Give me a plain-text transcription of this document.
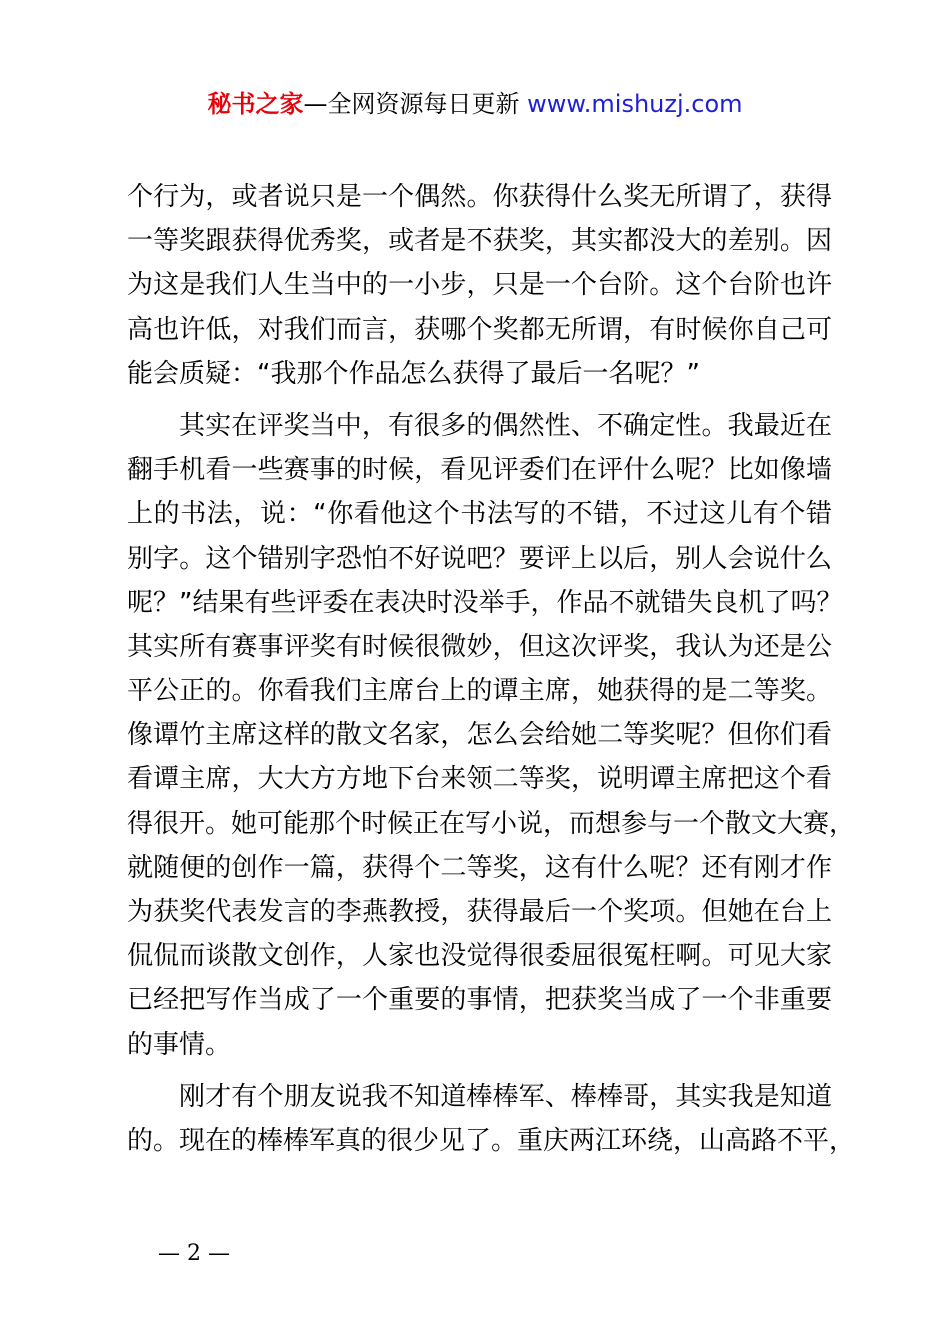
秘书之家—全网资源每日更新 www.mishuzj.com
个行为，或者说只是一个偶然。你获得什么奖无所谓了，获得
一等奖跟获得优秀奖，或者是不获奖，其实都没大的差别。因
为这是我们人生当中的一小步，只是一个台阶。这个台阶也许
高也许低，对我们而言，获哪个奖都无所谓，有时候你自己可
能会质疑：“我那个作品怎么获得了最后一名呢？”
其实在评奖当中，有很多的偶然性、不确定性。我最近在
翻手机看一些赛事的时候，看见评委们在评什么呢？比如像墙
上的书法，说：“你看他这个书法写的不错，不过这儿有个错
别字。这个错别字恐怕不好说吧？要评上以后，别人会说什么
呢？”结果有些评委在表决时没举手，作品不就错失良机了吗？
其实所有赛事评奖有时候很微妙，但这次评奖，我认为还是公
平公正的。你看我们主席台上的谭主席，她获得的是二等奖。
像谭竹主席这样的散文名家，怎么会给她二等奖呢？但你们看
看谭主席，大大方方地下台来领二等奖，说明谭主席把这个看
得很开。她可能那个时候正在写小说，而想参与一个散文大赛，
就随便的创作一篇，获得个二等奖，这有什么呢？还有刚才作
为获奖代表发言的李燕教授，获得最后一个奖项。但她在台上
侃侃而谈散文创作，人家也没觉得很委屈很冤枉啊。可见大家
已经把写作当成了一个重要的事情，把获奖当成了一个非重要
的事情。
刚才有个朋友说我不知道棒棒军、棒棒哥，其实我是知道
的。现在的棒棒军真的很少见了。重庆两江环绕，山高路不平，
— 2 —
